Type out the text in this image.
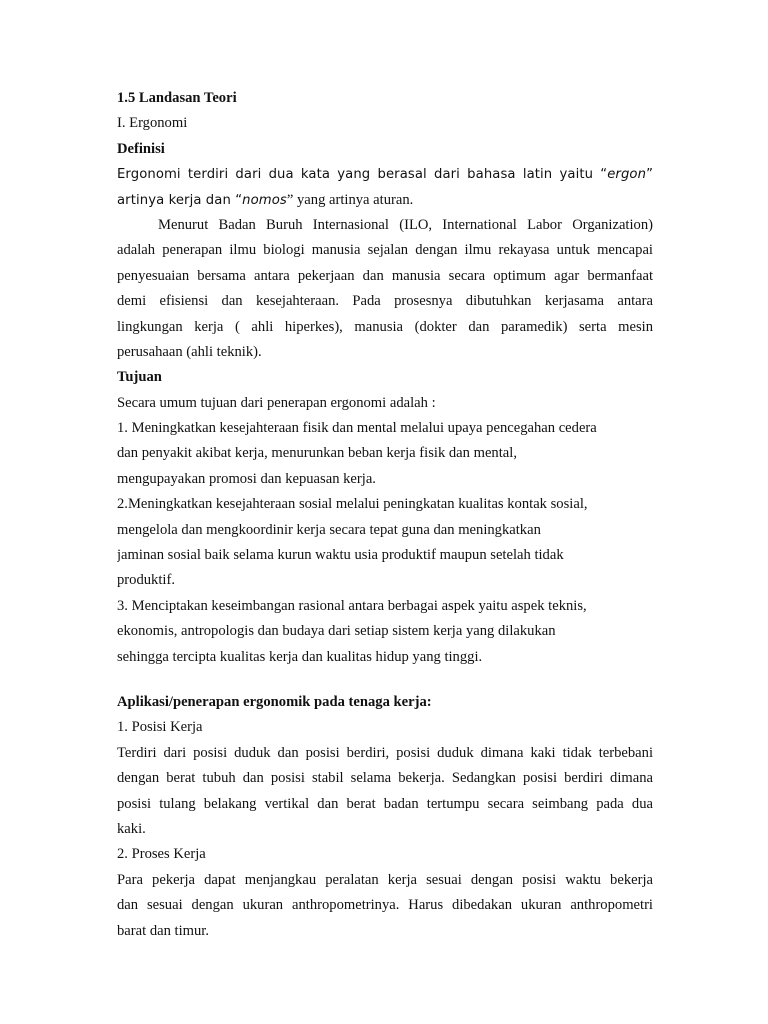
1.5 Landasan Teori
I. Ergonomi
Definisi
Ergonomi terdiri dari dua kata yang berasal dari bahasa latin yaitu “ergon”
artinya kerja dan “nomos” yang artinya aturan.
Menurut Badan Buruh Internasional (ILO, International Labor Organization)
adalah penerapan ilmu biologi manusia sejalan dengan ilmu rekayasa untuk mencapai
penyesuaian bersama antara pekerjaan dan manusia secara optimum agar bermanfaat
demi efisiensi dan kesejahteraan. Pada prosesnya dibutuhkan kerjasama antara
lingkungan kerja ( ahli hiperkes), manusia (dokter dan paramedik) serta mesin
perusahaan (ahli teknik).
Tujuan
Secara umum tujuan dari penerapan ergonomi adalah :
1. Meningkatkan kesejahteraan fisik dan mental melalui upaya pencegahan cedera
dan penyakit akibat kerja, menurunkan beban kerja fisik dan mental,
mengupayakan promosi dan kepuasan kerja.
2.Meningkatkan kesejahteraan sosial melalui peningkatan kualitas kontak sosial,
mengelola dan mengkoordinir kerja secara tepat guna dan meningkatkan
jaminan sosial baik selama kurun waktu usia produktif maupun setelah tidak
produktif.
3. Menciptakan keseimbangan rasional antara berbagai aspek yaitu aspek teknis,
ekonomis, antropologis dan budaya dari setiap sistem kerja yang dilakukan
sehingga tercipta kualitas kerja dan kualitas hidup yang tinggi.
Aplikasi/penerapan ergonomik pada tenaga kerja:
1. Posisi Kerja
Terdiri dari posisi duduk dan posisi berdiri, posisi duduk dimana kaki tidak terbebani
dengan berat tubuh dan posisi stabil selama bekerja. Sedangkan posisi berdiri dimana
posisi tulang belakang vertikal dan berat badan tertumpu secara seimbang pada dua
kaki.
2. Proses Kerja
Para pekerja dapat menjangkau peralatan kerja sesuai dengan posisi waktu bekerja
dan sesuai dengan ukuran anthropometrinya. Harus dibedakan ukuran anthropometri
barat dan timur.
